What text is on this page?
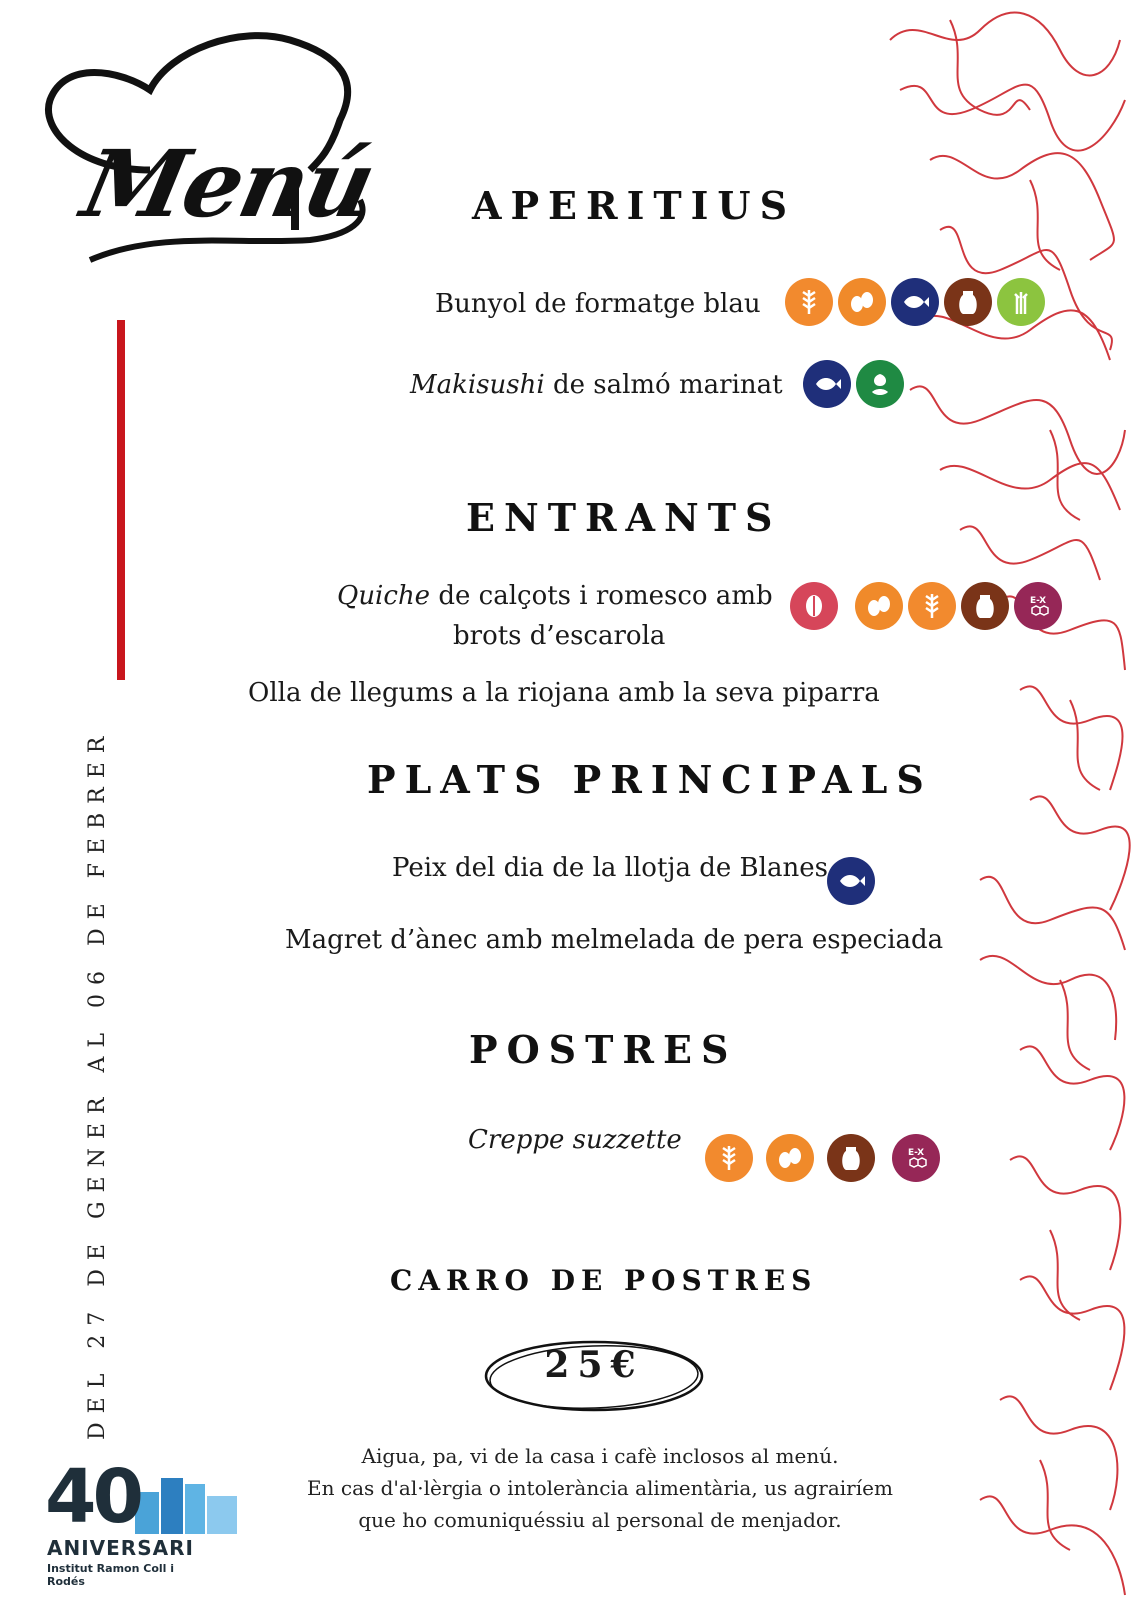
Menú
DEL 27 DE GENER AL 06 DE FEBRER
APERITIUS
Bunyol de formatge blau
Makisushi de salmó marinat
ENTRANTS
Quiche de calçots i romesco amb
brots d’escarola
E-X
Olla de llegums a la riojana amb la seva piparra
PLATS PRINCIPALS
Peix del dia de la llotja de Blanes
Magret d’ànec amb melmelada de pera especiada
POSTRES
Creppe suzzette	E-X
CARRO DE POSTRES
25€
Aigua, pa, vi de la casa i cafè inclosos al menú.
En cas d'al·lèrgia o intolerància alimentària, us agrairíem
que ho comuniquéssiu al personal de menjador.
40
ANIVERSARI
Institut Ramon Coll i Rodés
